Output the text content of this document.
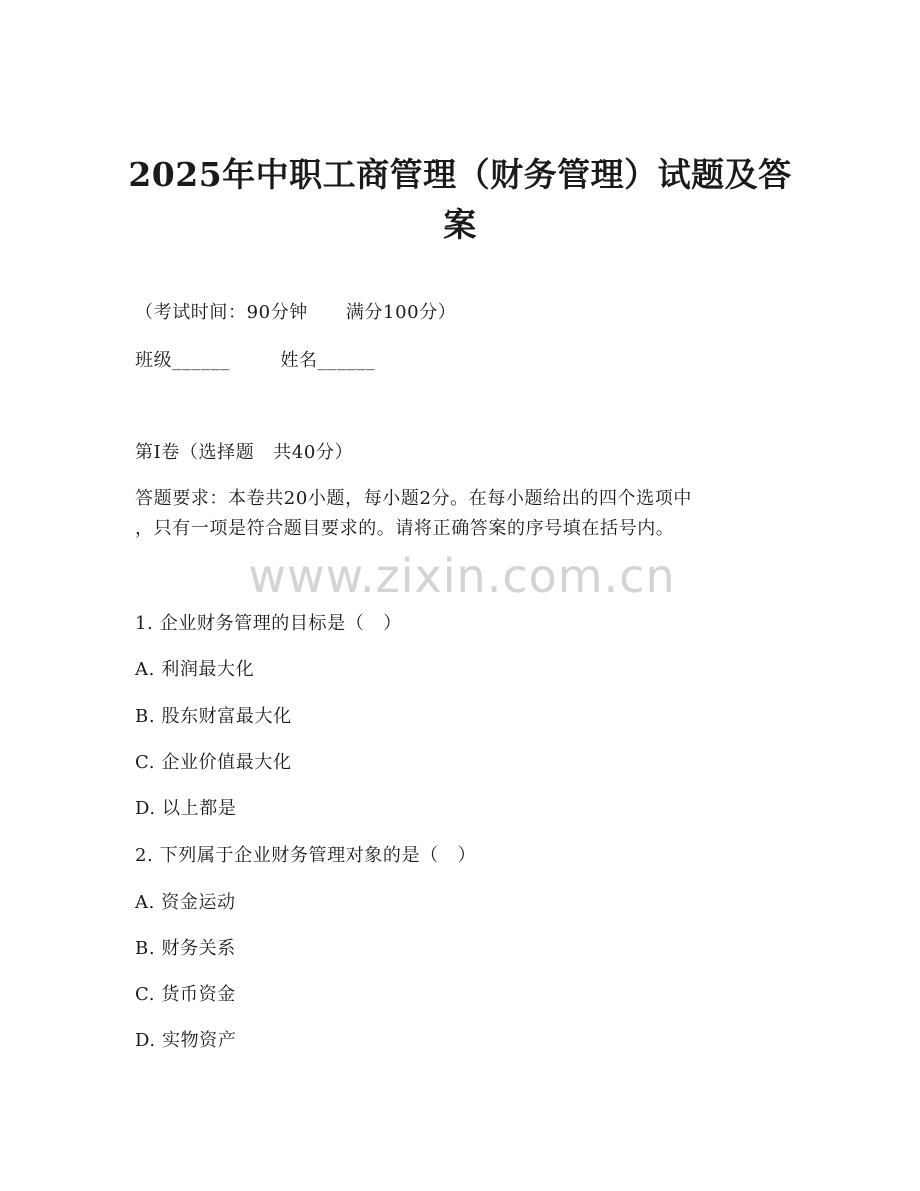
2025年中职工商管理（财务管理）试题及答
案
（考试时间：90分钟      满分100分）
班级______        姓名______
第I卷（选择题   共40分）
答题要求：本卷共20小题，每小题2分。在每小题给出的四个选项中
，只有一项是符合题目要求的。请将正确答案的序号填在括号内。
www.zixin.com.cn
1. 企业财务管理的目标是（   ）
A. 利润最大化
B. 股东财富最大化
C. 企业价值最大化
D. 以上都是
2. 下列属于企业财务管理对象的是（   ）
A. 资金运动
B. 财务关系
C. 货币资金
D. 实物资产
